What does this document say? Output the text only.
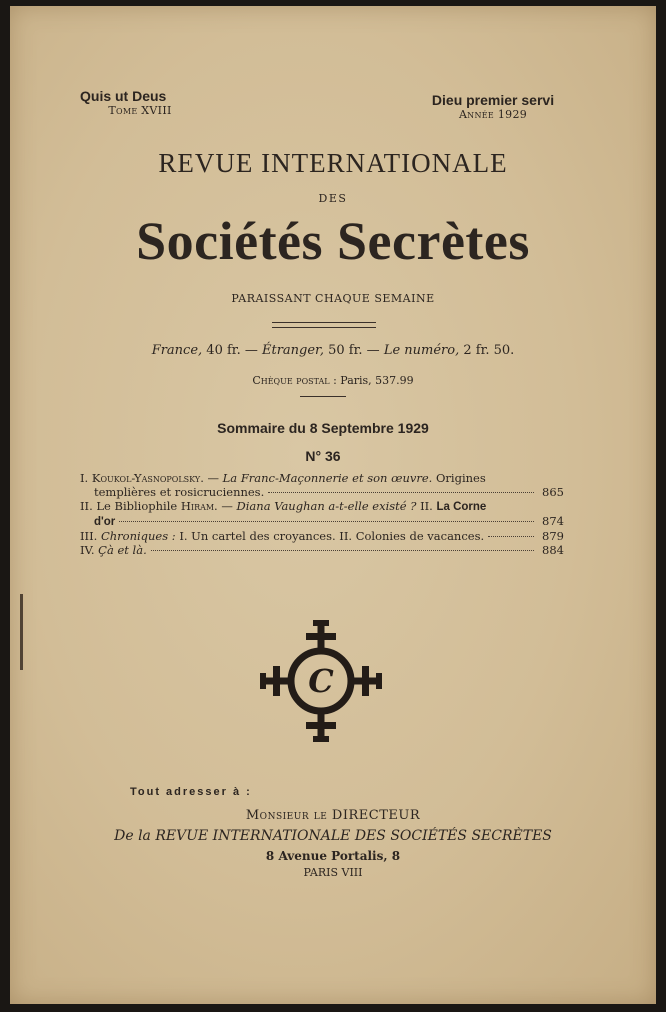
Quis ut Deus
Tome XVIII
Dieu premier servi
Année 1929
REVUE INTERNATIONALE
DES
Sociétés Secrètes
PARAISSANT CHAQUE SEMAINE
France, 40 fr. — Étranger, 50 fr. — Le numéro, 2 fr. 50.
Chèque postal : Paris, 537.99
Sommaire du 8 Septembre 1929
N° 36
I. Koukol-Yasnopolsky. — La Franc-Maçonnerie et son œuvre. Origines
templières et rosicruciennes.	865
II. Le Bibliophile Hiram. — Diana Vaughan a-t-elle existé ? II. La Corne
d'or	874
III. Chroniques : I. Un cartel des croyances. II. Colonies de vacances.	879
IV. Çà et là.	884
C
Tout adresser à :
Monsieur le DIRECTEUR
De la REVUE INTERNATIONALE DES SOCIÉTÉS SECRÈTES
8 Avenue Portalis, 8
PARIS VIII
